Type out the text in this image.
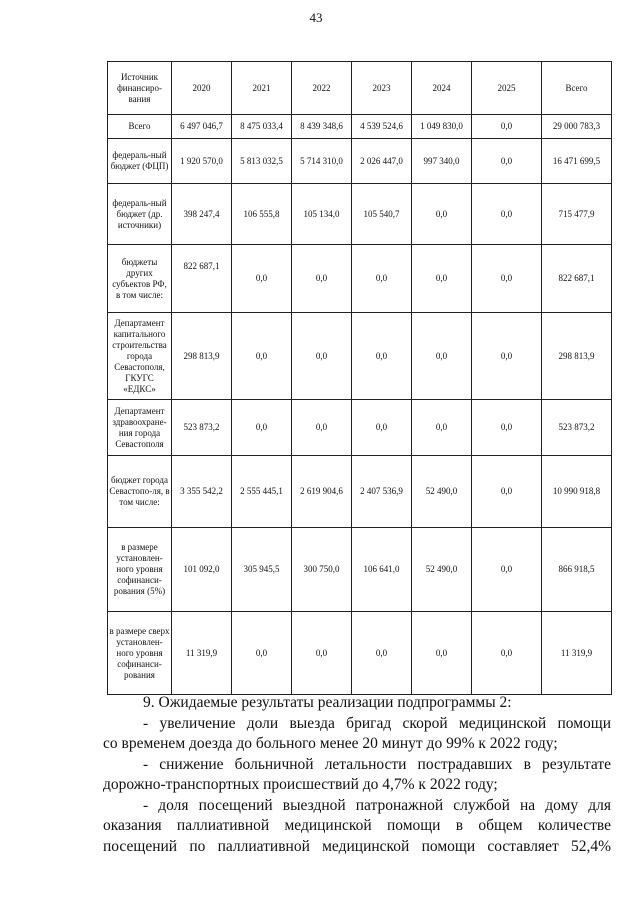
43
Источник финансиро-вания	2020	2021	2022	2023	2024	2025	Всего
Всего	6 497 046,7	8 475 033,4	8 439 348,6	4 539 524,6	1 049 830,0	0,0	29 000 783,3
федераль-ный бюджет (ФЦП)	1 920 570,0	5 813 032,5	5 714 310,0	2 026 447,0	997 340,0	0,0	16 471 699,5
федераль-ный бюджет (др. источники)	398 247,4	106 555,8	105 134,0	105 540,7	0,0	0,0	715 477,9
бюджеты других субъектов РФ, в том числе:	822 687,1	0,0	0,0	0,0	0,0	0,0	822 687,1
Департамент капитального строительства города Севастополя, ГКУГС «ЕДКС»	298 813,9	0,0	0,0	0,0	0,0	0,0	298 813,9
Департамент здравоохране-ния города Севастополя	523 873,2	0,0	0,0	0,0	0,0	0,0	523 873,2
бюджет города Севастопо-ля, в том числе:	3 355 542,2	2 555 445,1	2 619 904,6	2 407 536,9	52 490,0	0,0	10 990 918,8
в размере установлен-ного уровня софинанси-рования (5%)	101 092,0	305 945,5	300 750,0	106 641,0	52 490,0	0,0	866 918,5
в размере сверх установлен-ного уровня софинанси-рования	11 319,9	0,0	0,0	0,0	0,0	0,0	11 319,9

9. Ожидаемые результаты реализации подпрограммы 2:

- увеличение доли выезда бригад скорой медицинской помощи

со временем доезда до больного менее 20 минут до 99% к 2022 году;

- снижение больничной летальности пострадавших в результате

дорожно-транспортных происшествий до 4,7% к 2022 году;

- доля посещений выездной патронажной службой на дому для

оказания паллиативной медицинской помощи в общем количестве

посещений по паллиативной медицинской помощи составляет 52,4%
